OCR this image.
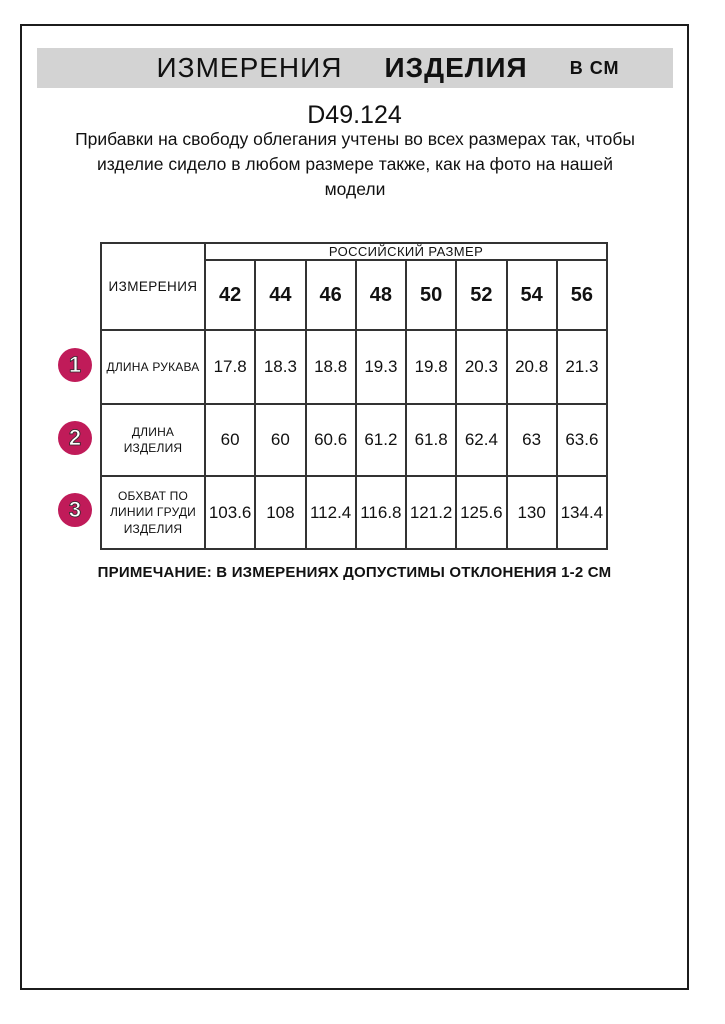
ИЗМЕРЕНИЯ ИЗДЕЛИЯ В СМ
D49.124
Прибавки на свободу облегания учтены во всех размерах так, чтобы изделие сидело в любом размере также, как на фото на нашей модели
ИЗМЕРЕНИЯ	РОССИЙСКИЙ РАЗМЕР							
	42	44	46	48	50	52	54	56
ДЛИНА РУКАВА	17.8	18.3	18.8	19.3	19.8	20.3	20.8	21.3
ДЛИНА ИЗДЕЛИЯ	60	60	60.6	61.2	61.8	62.4	63	63.6
ОБХВАТ ПО ЛИНИИ ГРУДИ ИЗДЕЛИЯ	103.6	108	112.4	116.8	121.2	125.6	130	134.4
1
2
3
ПРИМЕЧАНИЕ: В ИЗМЕРЕНИЯХ ДОПУСТИМЫ ОТКЛОНЕНИЯ 1-2 СМ
